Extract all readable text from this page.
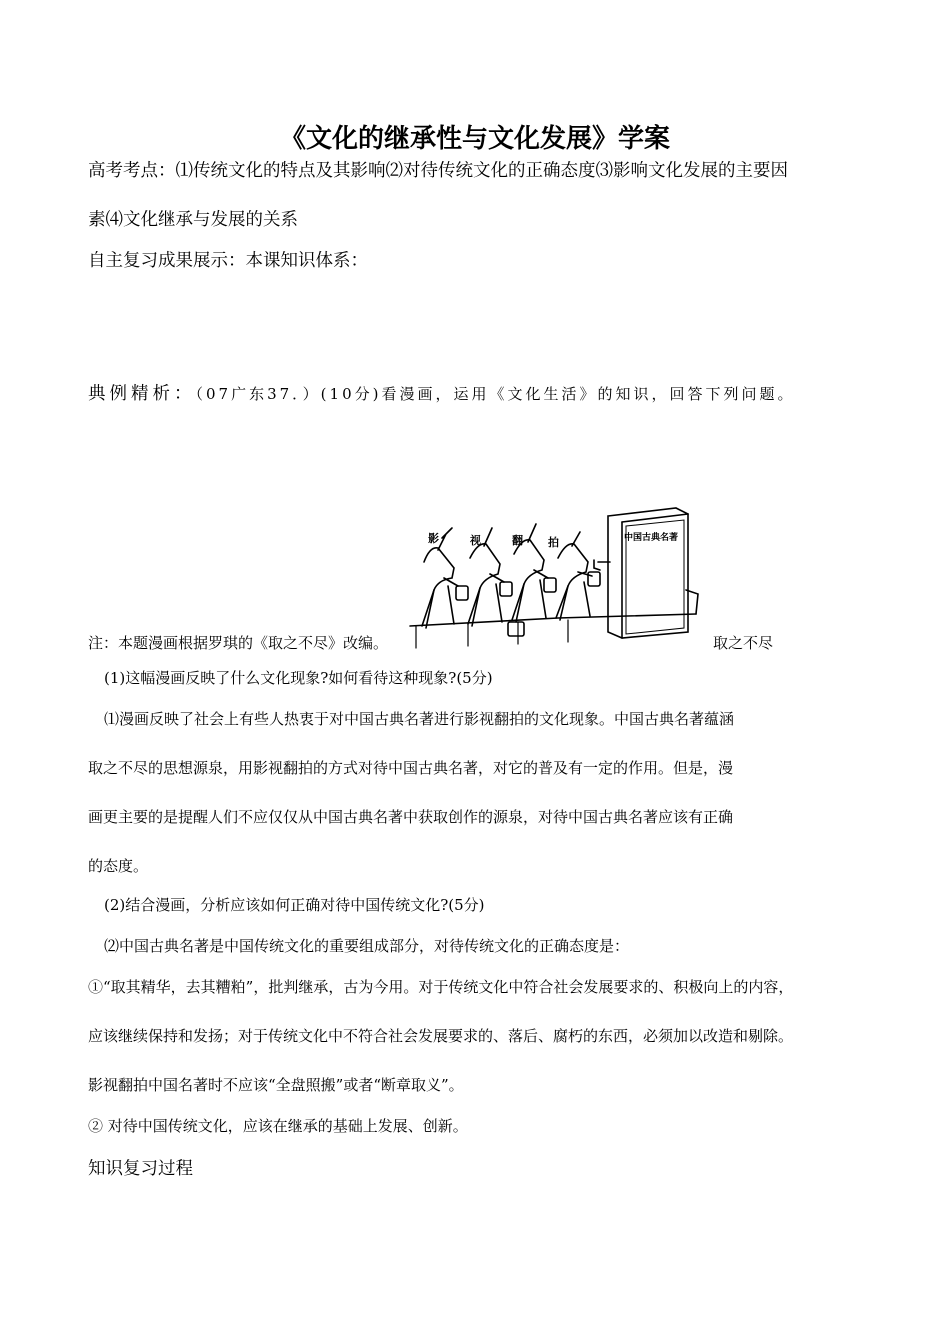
《文化的继承性与文化发展》学案
高考考点：⑴传统文化的特点及其影响⑵对待传统文化的正确态度⑶影响文化发展的主要因
素⑷文化继承与发展的关系
自主复习成果展示：本课知识体系：
典例精析：（07广东37．）(10分)看漫画，运用《文化生活》的知识，回答下列问题。
影	视	翻 拍	中国古典名著
注：本题漫画根据罗琪的《取之不尽》改编。	取之不尽
(1)这幅漫画反映了什么文化现象?如何看待这种现象?(5分)
⑴漫画反映了社会上有些人热衷于对中国古典名著进行影视翻拍的文化现象。中国古典名著蕴涵
取之不尽的思想源泉，用影视翻拍的方式对待中国古典名著，对它的普及有一定的作用。但是，漫
画更主要的是提醒人们不应仅仅从中国古典名著中获取创作的源泉，对待中国古典名著应该有正确
的态度。
(2)结合漫画，分析应该如何正确对待中国传统文化?(5分)
⑵中国古典名著是中国传统文化的重要组成部分，对待传统文化的正确态度是：
①“取其精华，去其糟粕”，批判继承，古为今用。对于传统文化中符合社会发展要求的、积极向上的内容，
应该继续保持和发扬；对于传统文化中不符合社会发展要求的、落后、腐朽的东西，必须加以改造和剔除。
影视翻拍中国名著时不应该“全盘照搬”或者“断章取义”。
② 对待中国传统文化，应该在继承的基础上发展、创新。
知识复习过程
